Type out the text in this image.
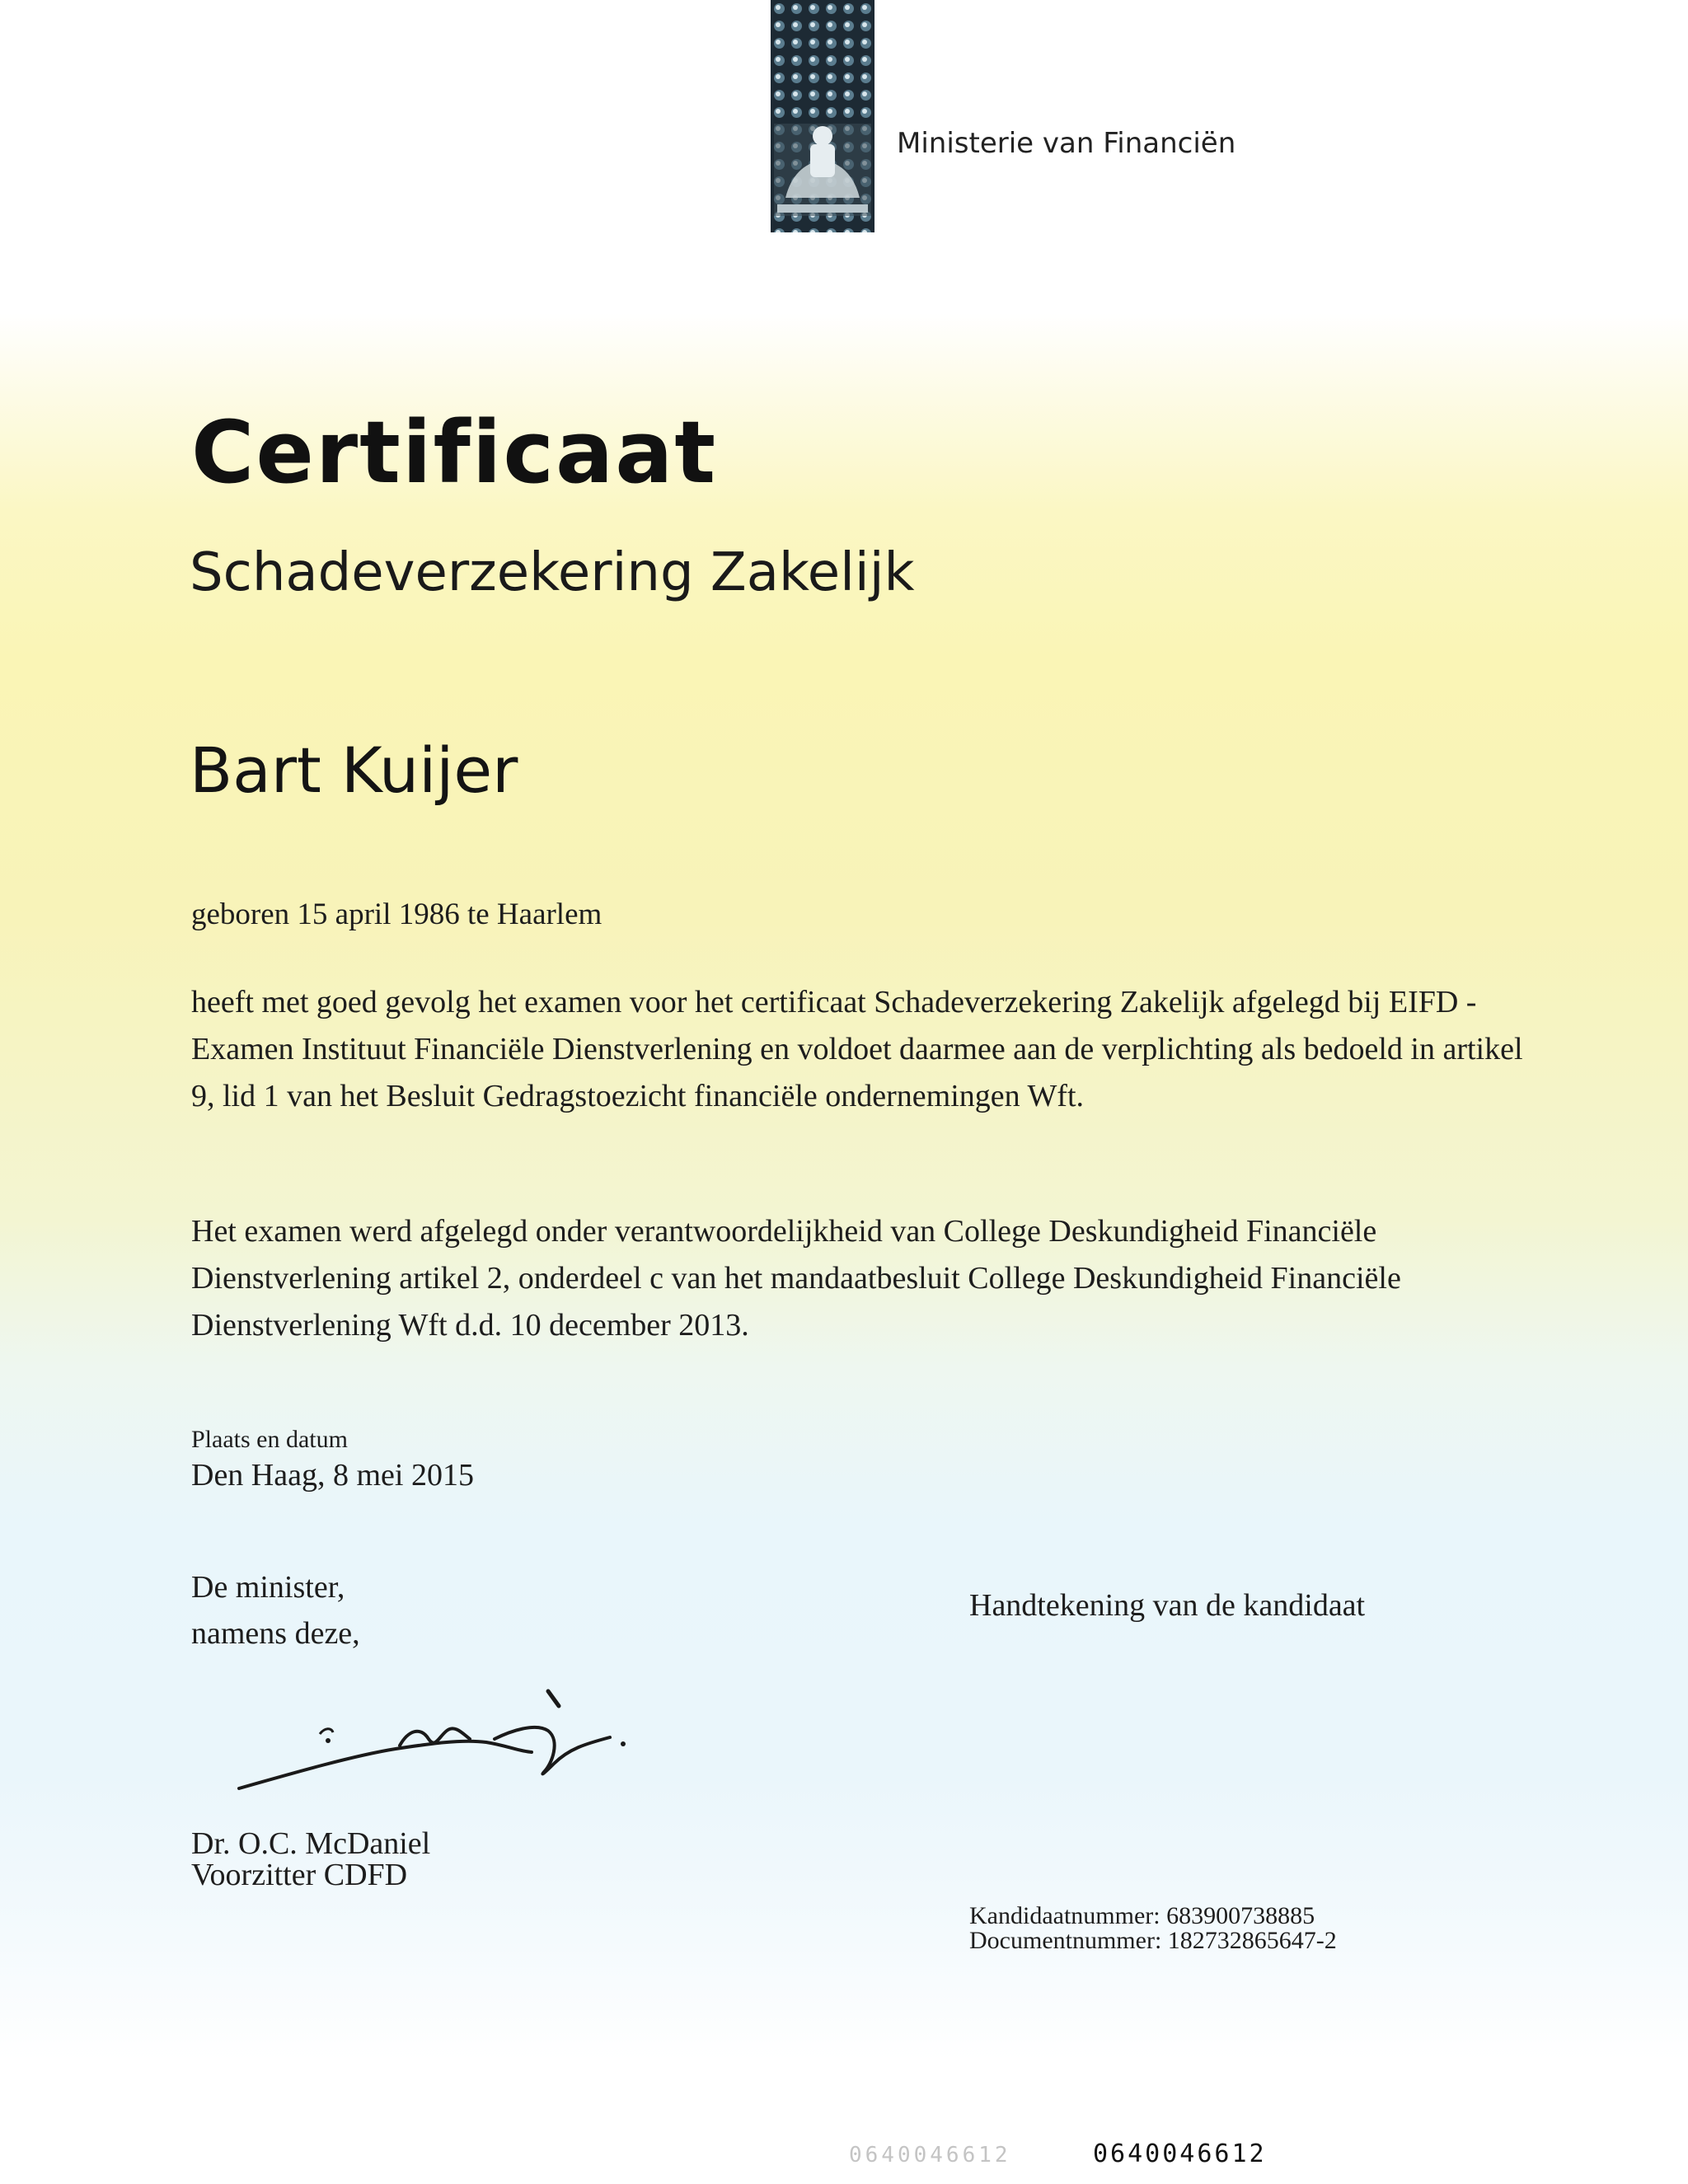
Ministerie van Financiën
Certificaat
Schadeverzekering Zakelijk
Bart Kuijer
geboren 15 april 1986 te Haarlem

heeft met goed gevolg het examen voor het certificaat Schadeverzekering Zakelijk afgelegd bij EIFD - Examen Instituut Financiële Dienstverlening en voldoet daarmee aan de verplichting als bedoeld in artikel 9, lid 1 van het Besluit Gedragstoezicht financiële ondernemingen Wft.

Het examen werd afgelegd onder verantwoordelijkheid van College Deskundigheid Financiële Dienstverlening artikel 2, onderdeel c van het mandaatbesluit College Deskundigheid Financiële Dienstverlening Wft d.d. 10 december 2013.

Plaats en datum
Den Haag, 8 mei 2015
De minister,
namens deze,
Handtekening van de kandidaat
Dr. O.C. McDaniel
Voorzitter CDFD
Kandidaatnummer: 683900738885
Documentnummer: 182732865647-2
0640046612	0640046612
